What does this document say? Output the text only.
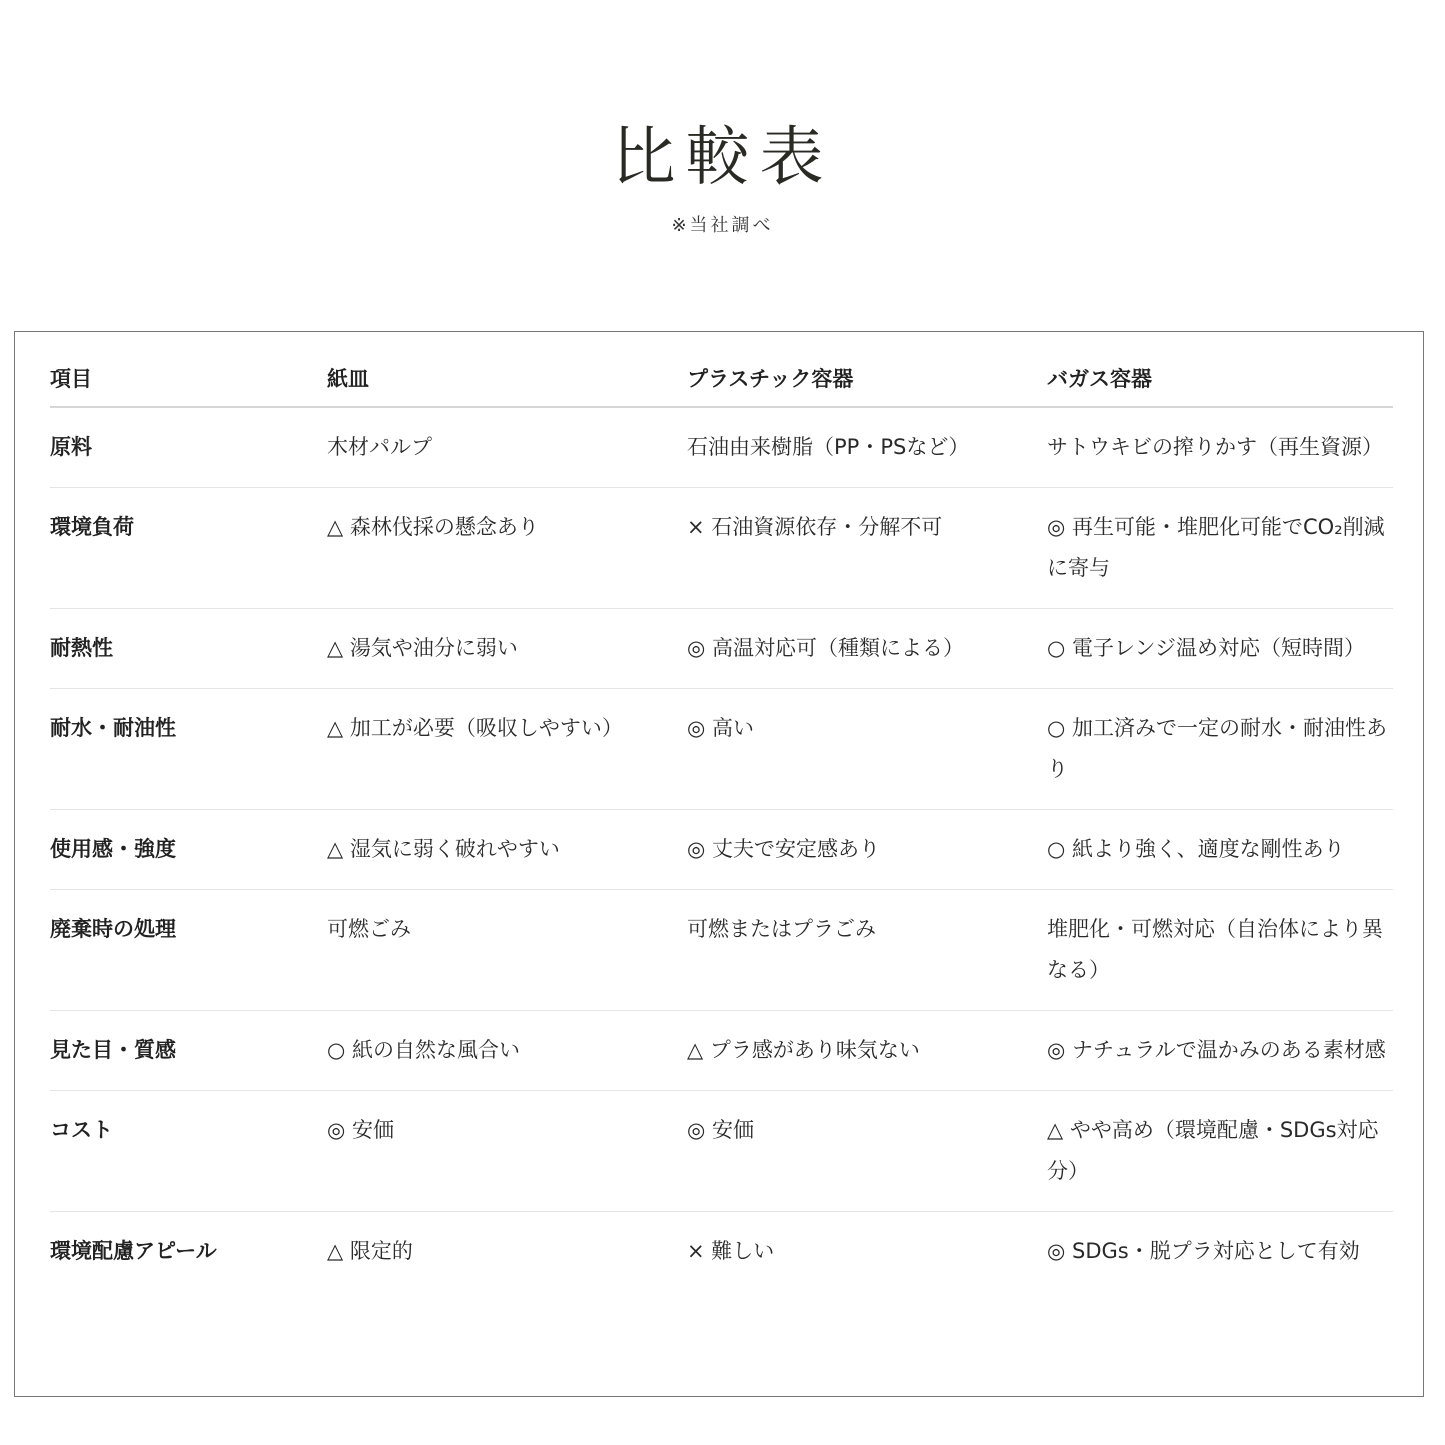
比較表
※当社調べ
項目	紙皿	プラスチック容器	バガス容器
原料	木材パルプ	石油由来樹脂（PP・PSなど）	サトウキビの搾りかす（再生資源）
環境負荷	△ 森林伐採の懸念あり	× 石油資源依存・分解不可	◎ 再生可能・堆肥化可能でCO₂削減に寄与
耐熱性	△ 湯気や油分に弱い	◎ 高温対応可（種類による）	○ 電子レンジ温め対応（短時間）
耐水・耐油性	△ 加工が必要（吸収しやすい）	◎ 高い	○ 加工済みで一定の耐水・耐油性あり
使用感・強度	△ 湿気に弱く破れやすい	◎ 丈夫で安定感あり	○ 紙より強く、適度な剛性あり
廃棄時の処理	可燃ごみ	可燃またはプラごみ	堆肥化・可燃対応（自治体により異なる）
見た目・質感	○ 紙の自然な風合い	△ プラ感があり味気ない	◎ ナチュラルで温かみのある素材感
コスト	◎ 安価	◎ 安価	△ やや高め（環境配慮・SDGs対応分）
環境配慮アピール	△ 限定的	× 難しい	◎ SDGs・脱プラ対応として有効
